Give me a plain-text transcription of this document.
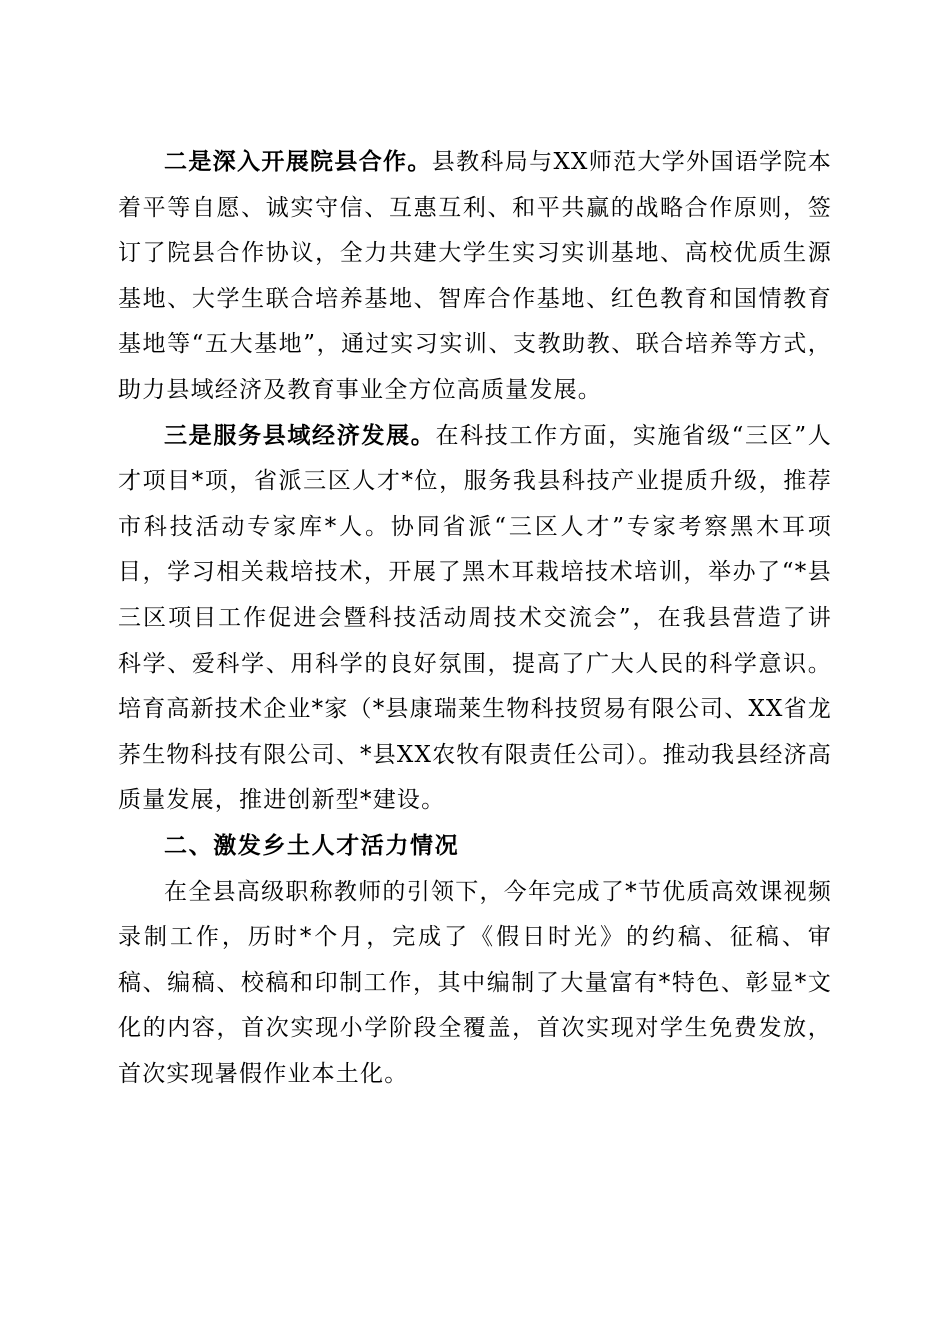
二是深入开展院县合作。县教科局与XX师范大学外国语学院本着平等自愿、诚实守信、互惠互利、和平共赢的战略合作原则，签订了院县合作协议，全力共建大学生实习实训基地、高校优质生源基地、大学生联合培养基地、智库合作基地、红色教育和国情教育基地等“五大基地”，通过实习实训、支教助教、联合培养等方式，助力县域经济及教育事业全方位高质量发展。

三是服务县域经济发展。在科技工作方面，实施省级“三区”人才项目*项，省派三区人才*位，服务我县科技产业提质升级，推荐市科技活动专家库*人。协同省派“三区人才”专家考察黑木耳项目，学习相关栽培技术，开展了黑木耳栽培技术培训，举办了“*县三区项目工作促进会暨科技活动周技术交流会”，在我县营造了讲科学、爱科学、用科学的良好氛围，提高了广大人民的科学意识。培育高新技术企业*家（*县康瑞莱生物科技贸易有限公司、XX省龙荞生物科技有限公司、*县XX农牧有限责任公司）。推动我县经济高质量发展，推进创新型*建设。

二、激发乡土人才活力情况

在全县高级职称教师的引领下，今年完成了*节优质高效课视频录制工作，历时*个月，完成了《假日时光》的约稿、征稿、审稿、编稿、校稿和印制工作，其中编制了大量富有*特色、彰显*文化的内容，首次实现小学阶段全覆盖，首次实现对学生免费发放，首次实现暑假作业本土化。
